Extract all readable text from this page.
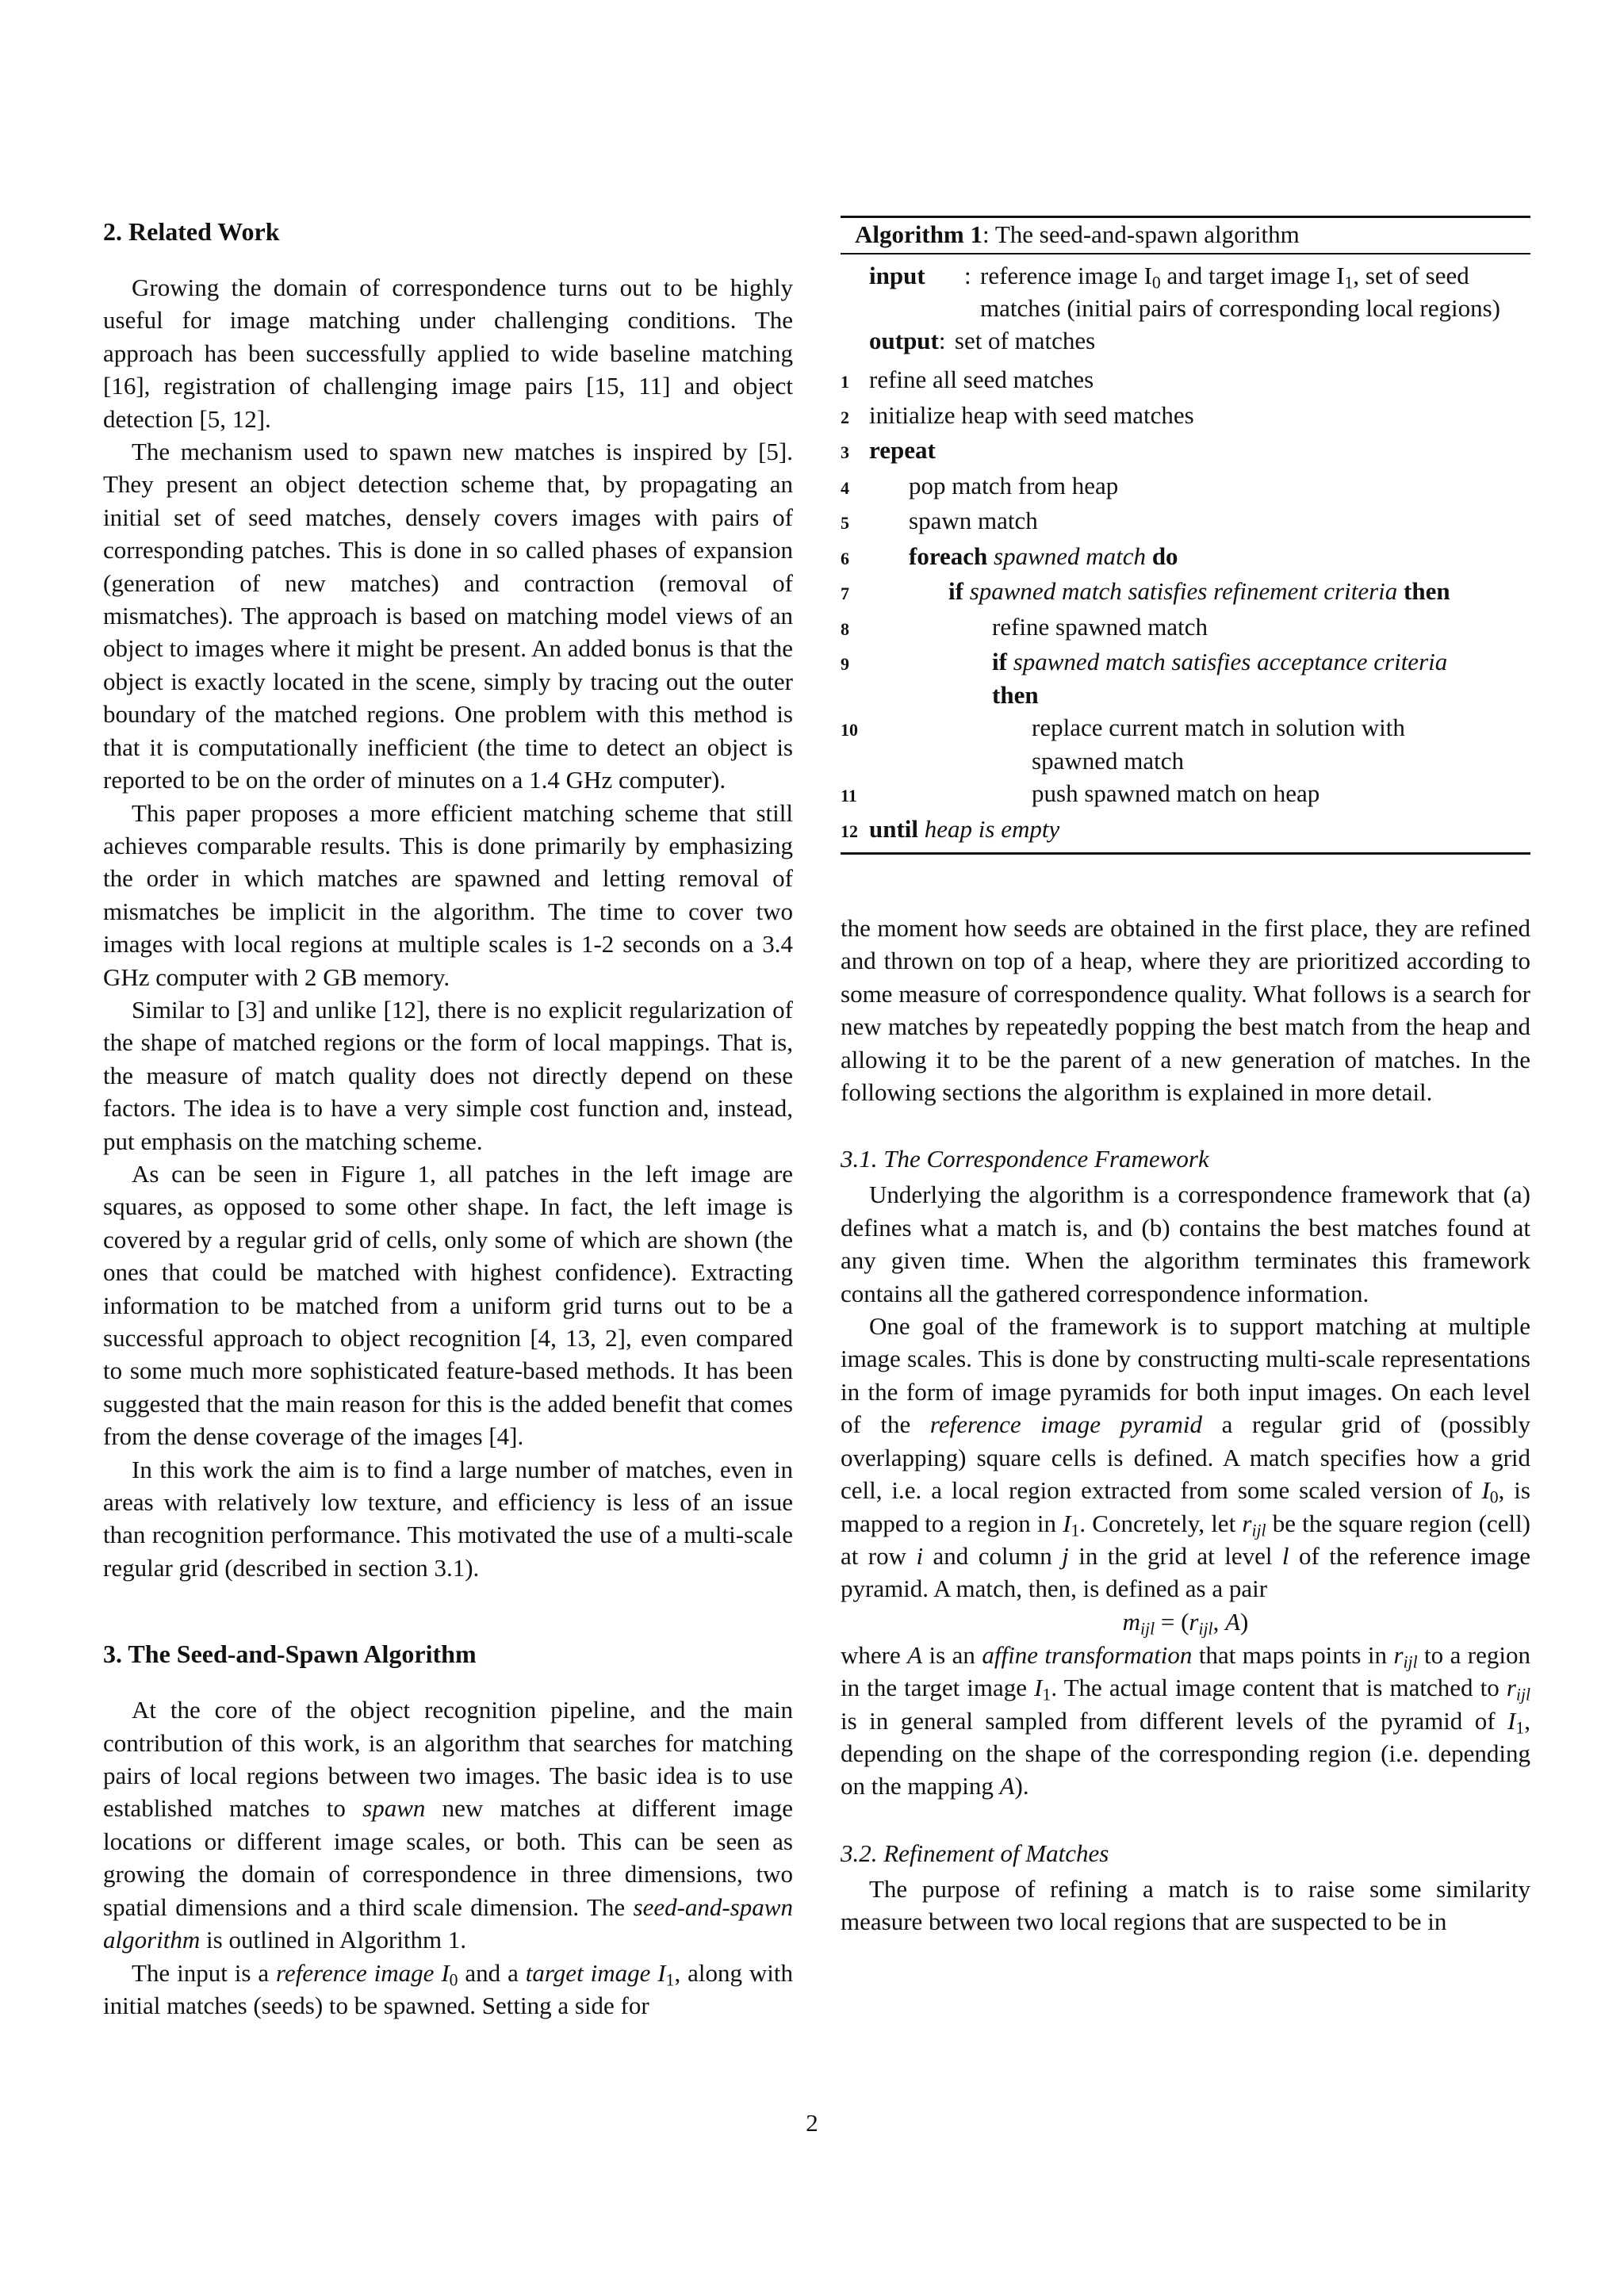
2. Related Work

Growing the domain of correspondence turns out to be highly useful for image matching under challenging conditions. The approach has been successfully applied to wide baseline matching [16], registration of challenging image pairs [15, 11] and object detection [5, 12].

The mechanism used to spawn new matches is inspired by [5]. They present an object detection scheme that, by propagating an initial set of seed matches, densely covers images with pairs of corresponding patches. This is done in so called phases of expansion (generation of new matches) and contraction (removal of mismatches). The approach is based on matching model views of an object to images where it might be present. An added bonus is that the object is exactly located in the scene, simply by tracing out the outer boundary of the matched regions. One problem with this method is that it is computationally inefficient (the time to detect an object is reported to be on the order of minutes on a 1.4 GHz computer).

This paper proposes a more efficient matching scheme that still achieves comparable results. This is done primarily by emphasizing the order in which matches are spawned and letting removal of mismatches be implicit in the algorithm. The time to cover two images with local regions at multiple scales is 1-2 seconds on a 3.4 GHz computer with 2 GB memory.

Similar to [3] and unlike [12], there is no explicit regularization of the shape of matched regions or the form of local mappings. That is, the measure of match quality does not directly depend on these factors. The idea is to have a very simple cost function and, instead, put emphasis on the matching scheme.

As can be seen in Figure 1, all patches in the left image are squares, as opposed to some other shape. In fact, the left image is covered by a regular grid of cells, only some of which are shown (the ones that could be matched with highest confidence). Extracting information to be matched from a uniform grid turns out to be a successful approach to object recognition [4, 13, 2], even compared to some much more sophisticated feature-based methods. It has been suggested that the main reason for this is the added benefit that comes from the dense coverage of the images [4].

In this work the aim is to find a large number of matches, even in areas with relatively low texture, and efficiency is less of an issue than recognition performance. This motivated the use of a multi-scale regular grid (described in section 3.1).

3. The Seed-and-Spawn Algorithm

At the core of the object recognition pipeline, and the main contribution of this work, is an algorithm that searches for matching pairs of local regions between two images. The basic idea is to use established matches to spawn new matches at different image locations or different image scales, or both. This can be seen as growing the domain of correspondence in three dimensions, two spatial dimensions and a third scale dimension. The seed-and-spawn algorithm is outlined in Algorithm 1.

The input is a reference image $I_0$ and a target image $I_1$, along with initial matches (seeds) to be spawned. Setting a side for

Algorithm 1: The seed-and-spawn algorithm
input	: reference image $I_0$ and target image $I_1$, set of seed matches (initial pairs of corresponding local regions)
output : set of matches
1 refine all seed matches
2 initialize heap with seed matches
3 repeat
4	pop match from heap
5	spawn match
6	foreach spawned match do
7	if spawned match satisfies refinement criteria then
8	refine spawned match
9	if spawned match satisfies acceptance criteria
then
10	replace current match in solution with spawned match
11	push spawned match on heap
12 until heap is empty

the moment how seeds are obtained in the first place, they are refined and thrown on top of a heap, where they are prioritized according to some measure of correspondence quality. What follows is a search for new matches by repeatedly popping the best match from the heap and allowing it to be the parent of a new generation of matches. In the following sections the algorithm is explained in more detail.

3.1. The Correspondence Framework

Underlying the algorithm is a correspondence framework that (a) defines what a match is, and (b) contains the best matches found at any given time. When the algorithm terminates this framework contains all the gathered correspondence information.

One goal of the framework is to support matching at multiple image scales. This is done by constructing multi-scale representations in the form of image pyramids for both input images. On each level of the reference image pyramid a regular grid of (possibly overlapping) square cells is defined. A match specifies how a grid cell, i.e. a local region extracted from some scaled version of $I_0$, is mapped to a region in $I_1$. Concretely, let $r_{ijl}$ be the square region (cell) at row i and column j in the grid at level l of the reference image pyramid. A match, then, is defined as a pair

$m_{ijl} = (r_{ijl}$, A)

where A is an affine transformation that maps points in $r_{ijl}$ to a region in the target image $I_1$. The actual image content that is matched to $r_{ijl}$ is in general sampled from different levels of the pyramid of $I_1$, depending on the shape of the corresponding region (i.e. depending on the mapping A).

3.2. Refinement of Matches

The purpose of refining a match is to raise some similarity measure between two local regions that are suspected to be in

2
